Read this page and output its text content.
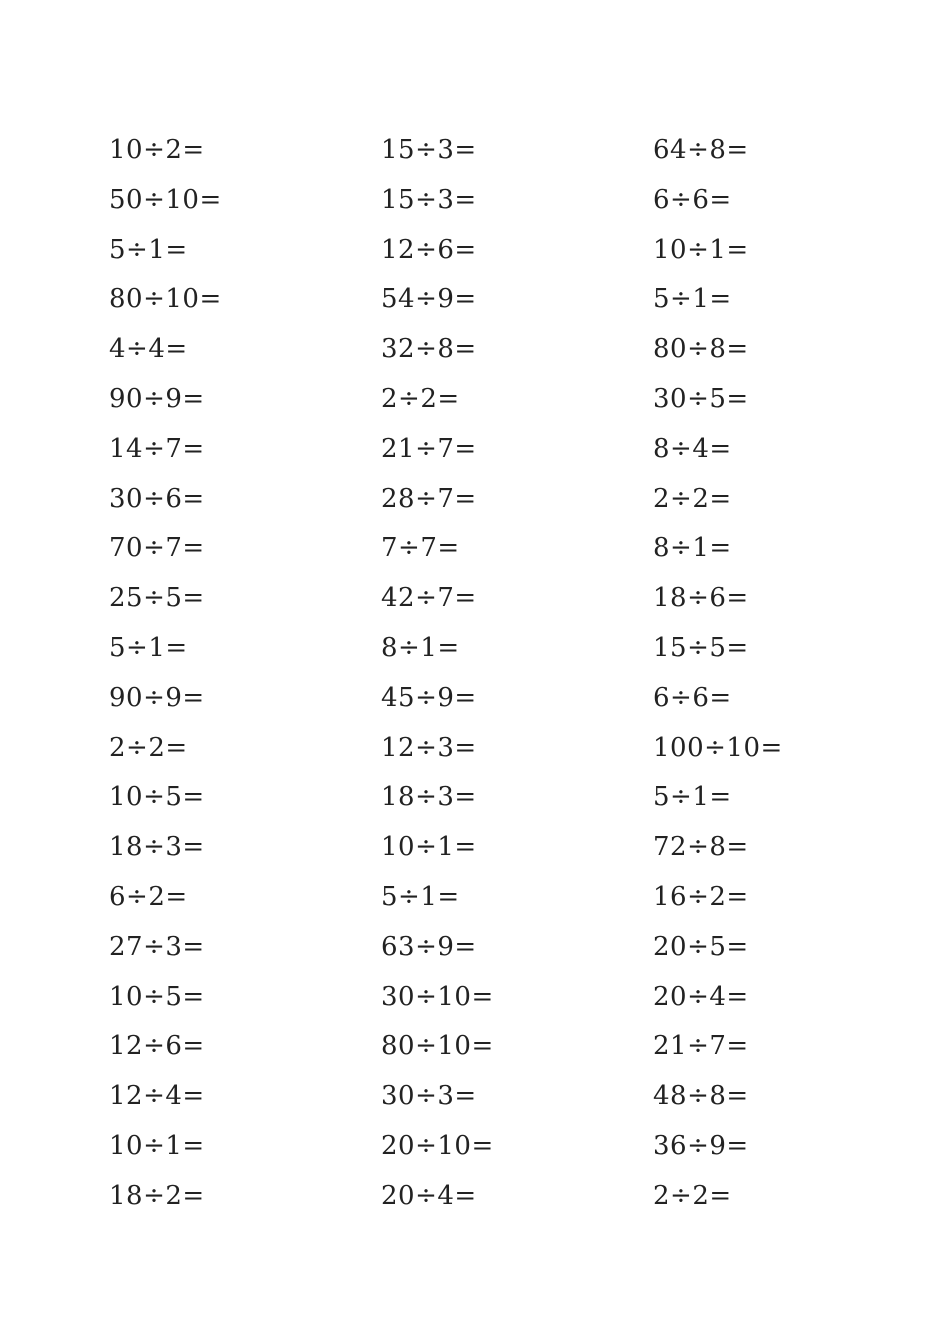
10÷2=	15÷3=	64÷8=
50÷10=	15÷3=	6÷6=
5÷1=	12÷6=	10÷1=
80÷10=	54÷9=	5÷1=
4÷4=	32÷8=	80÷8=
90÷9=	2÷2=	30÷5=
14÷7=	21÷7=	8÷4=
30÷6=	28÷7=	2÷2=
70÷7=	7÷7=	8÷1=
25÷5=	42÷7=	18÷6=
5÷1=	8÷1=	15÷5=
90÷9=	45÷9=	6÷6=
2÷2=	12÷3=	100÷10=
10÷5=	18÷3=	5÷1=
18÷3=	10÷1=	72÷8=
6÷2=	5÷1=	16÷2=
27÷3=	63÷9=	20÷5=
10÷5=	30÷10=	20÷4=
12÷6=	80÷10=	21÷7=
12÷4=	30÷3=	48÷8=
10÷1=	20÷10=	36÷9=
18÷2=	20÷4=	2÷2=
